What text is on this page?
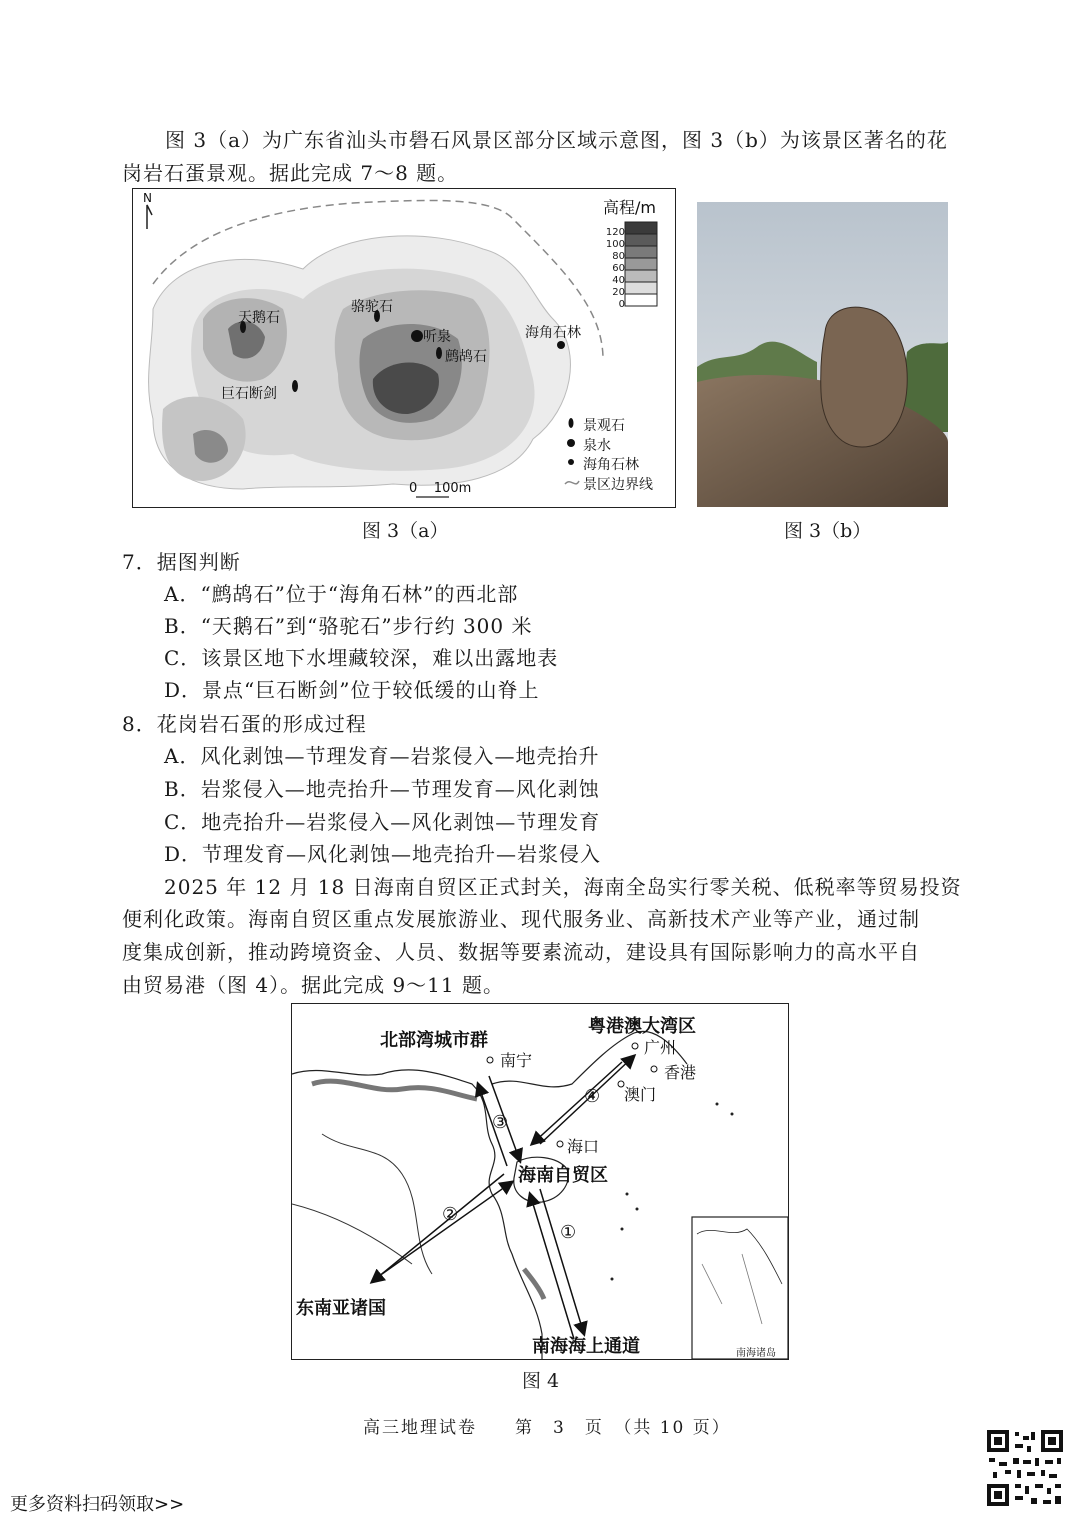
图 3（a）为广东省汕头市礐石风景区部分区域示意图，图 3（b）为该景区著名的花
岗岩石蛋景观。据此完成 7～8 题。
N	高程/m
120
100
80
60
40
20
0
天鹅石
骆驼石
听泉
鹧鸪石
海角石林
巨石断剑
景观石
泉水
海角石林
景区边界线
0    100m
图 3（a）	图 3（b）
7．据图判断
A．“鹧鸪石”位于“海角石林”的西北部
B．“天鹅石”到“骆驼石”步行约 300 米
C．该景区地下水埋藏较深，难以出露地表
D．景点“巨石断剑”位于较低缓的山脊上
8．花岗岩石蛋的形成过程
A．风化剥蚀—节理发育—岩浆侵入—地壳抬升
B．岩浆侵入—地壳抬升—节理发育—风化剥蚀
C．地壳抬升—岩浆侵入—风化剥蚀—节理发育
D．节理发育—风化剥蚀—地壳抬升—岩浆侵入
2025 年 12 月 18 日海南自贸区正式封关，海南全岛实行零关税、低税率等贸易投资
便利化政策。海南自贸区重点发展旅游业、现代服务业、高新技术产业等产业，通过制
度集成创新，推动跨境资金、人员、数据等要素流动，建设具有国际影响力的高水平自
由贸易港（图 4）。据此完成 9～11 题。
北部湾城市群
粤港澳大湾区
南宁
广州
香港
澳门
海口
海南自贸区
东南亚诸国
南海海上通道
①
②
③
④
南海诸岛
图 4
高三地理试卷　　第　3　页　（共 10 页）
更多资料扫码领取>>
